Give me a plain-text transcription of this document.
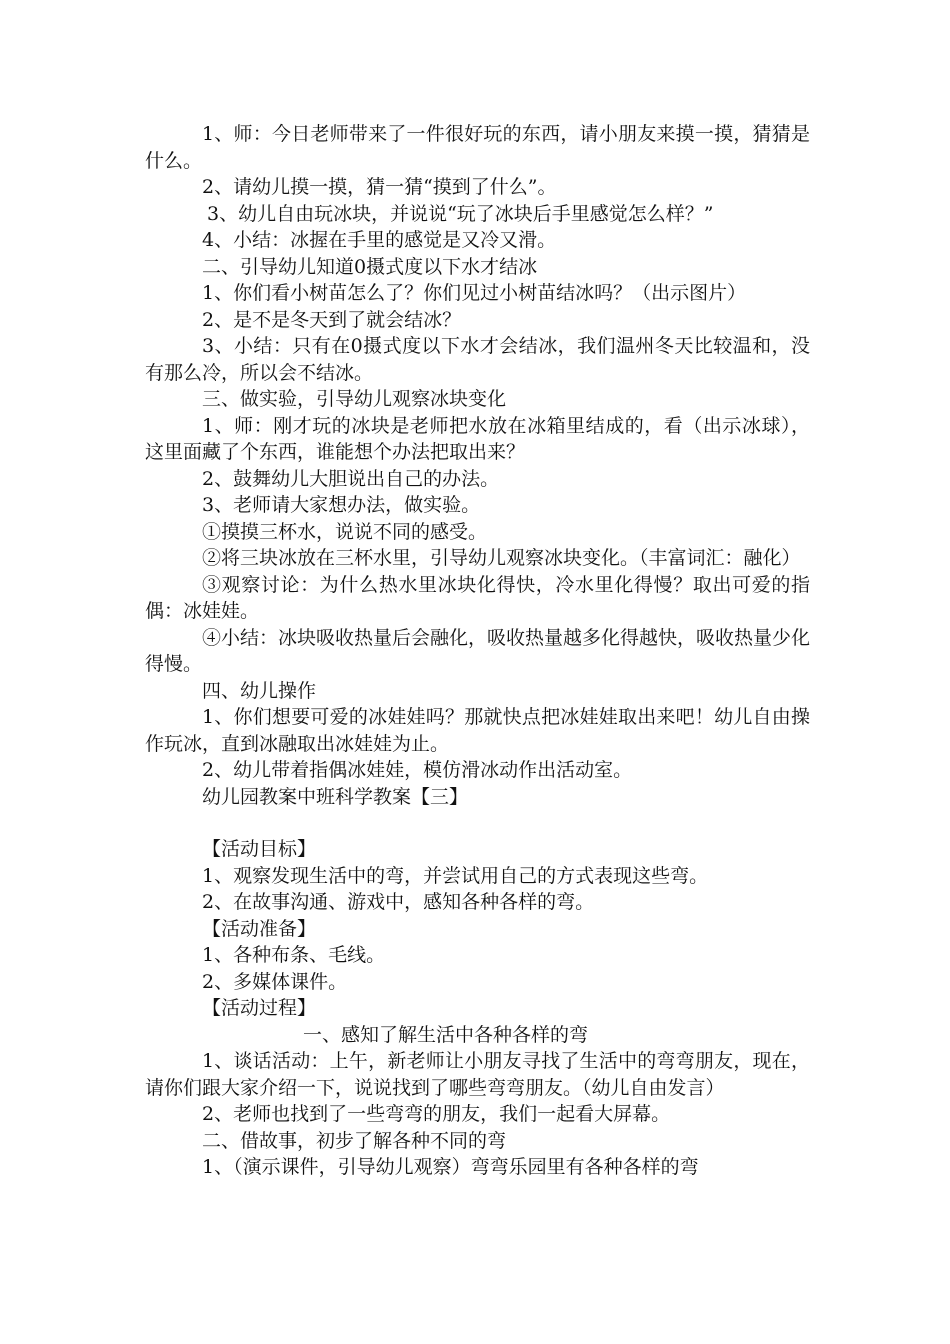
1、师：今日老师带来了一件很好玩的东西，请小朋友来摸一摸，猜猜是什么。

2、请幼儿摸一摸，猜一猜“摸到了什么”。

3、幼儿自由玩冰块，并说说“玩了冰块后手里感觉怎么样？”

4、小结：冰握在手里的感觉是又冷又滑。

二、引导幼儿知道0摄式度以下水才结冰

1、你们看小树苗怎么了？你们见过小树苗结冰吗？（出示图片）

2、是不是冬天到了就会结冰？

3、小结：只有在0摄式度以下水才会结冰，我们温州冬天比较温和，没有那么冷，所以会不结冰。

三、做实验，引导幼儿观察冰块变化

1、师：刚才玩的冰块是老师把水放在冰箱里结成的，看（出示冰球），这里面藏了个东西，谁能想个办法把取出来？

2、鼓舞幼儿大胆说出自己的办法。

3、老师请大家想办法，做实验。

①摸摸三杯水，说说不同的感受。

②将三块冰放在三杯水里，引导幼儿观察冰块变化。（丰富词汇：融化）

③观察讨论：为什么热水里冰块化得快，冷水里化得慢？取出可爱的指偶：冰娃娃。

④小结：冰块吸收热量后会融化，吸收热量越多化得越快，吸收热量少化得慢。

四、幼儿操作

1、你们想要可爱的冰娃娃吗？那就快点把冰娃娃取出来吧！幼儿自由操作玩冰，直到冰融取出冰娃娃为止。

2、幼儿带着指偶冰娃娃，模仿滑冰动作出活动室。

幼儿园教案中班科学教案【三】

【活动目标】

1、观察发现生活中的弯，并尝试用自己的方式表现这些弯。

2、在故事沟通、游戏中，感知各种各样的弯。

【活动准备】

1、各种布条、毛线。

2、多媒体课件。

【活动过程】

一、感知了解生活中各种各样的弯

1、谈话活动：上午，新老师让小朋友寻找了生活中的弯弯朋友，现在，请你们跟大家介绍一下，说说找到了哪些弯弯朋友。（幼儿自由发言）

2、老师也找到了一些弯弯的朋友，我们一起看大屏幕。

二、借故事，初步了解各种不同的弯

1、（演示课件，引导幼儿观察）弯弯乐园里有各种各样的弯
